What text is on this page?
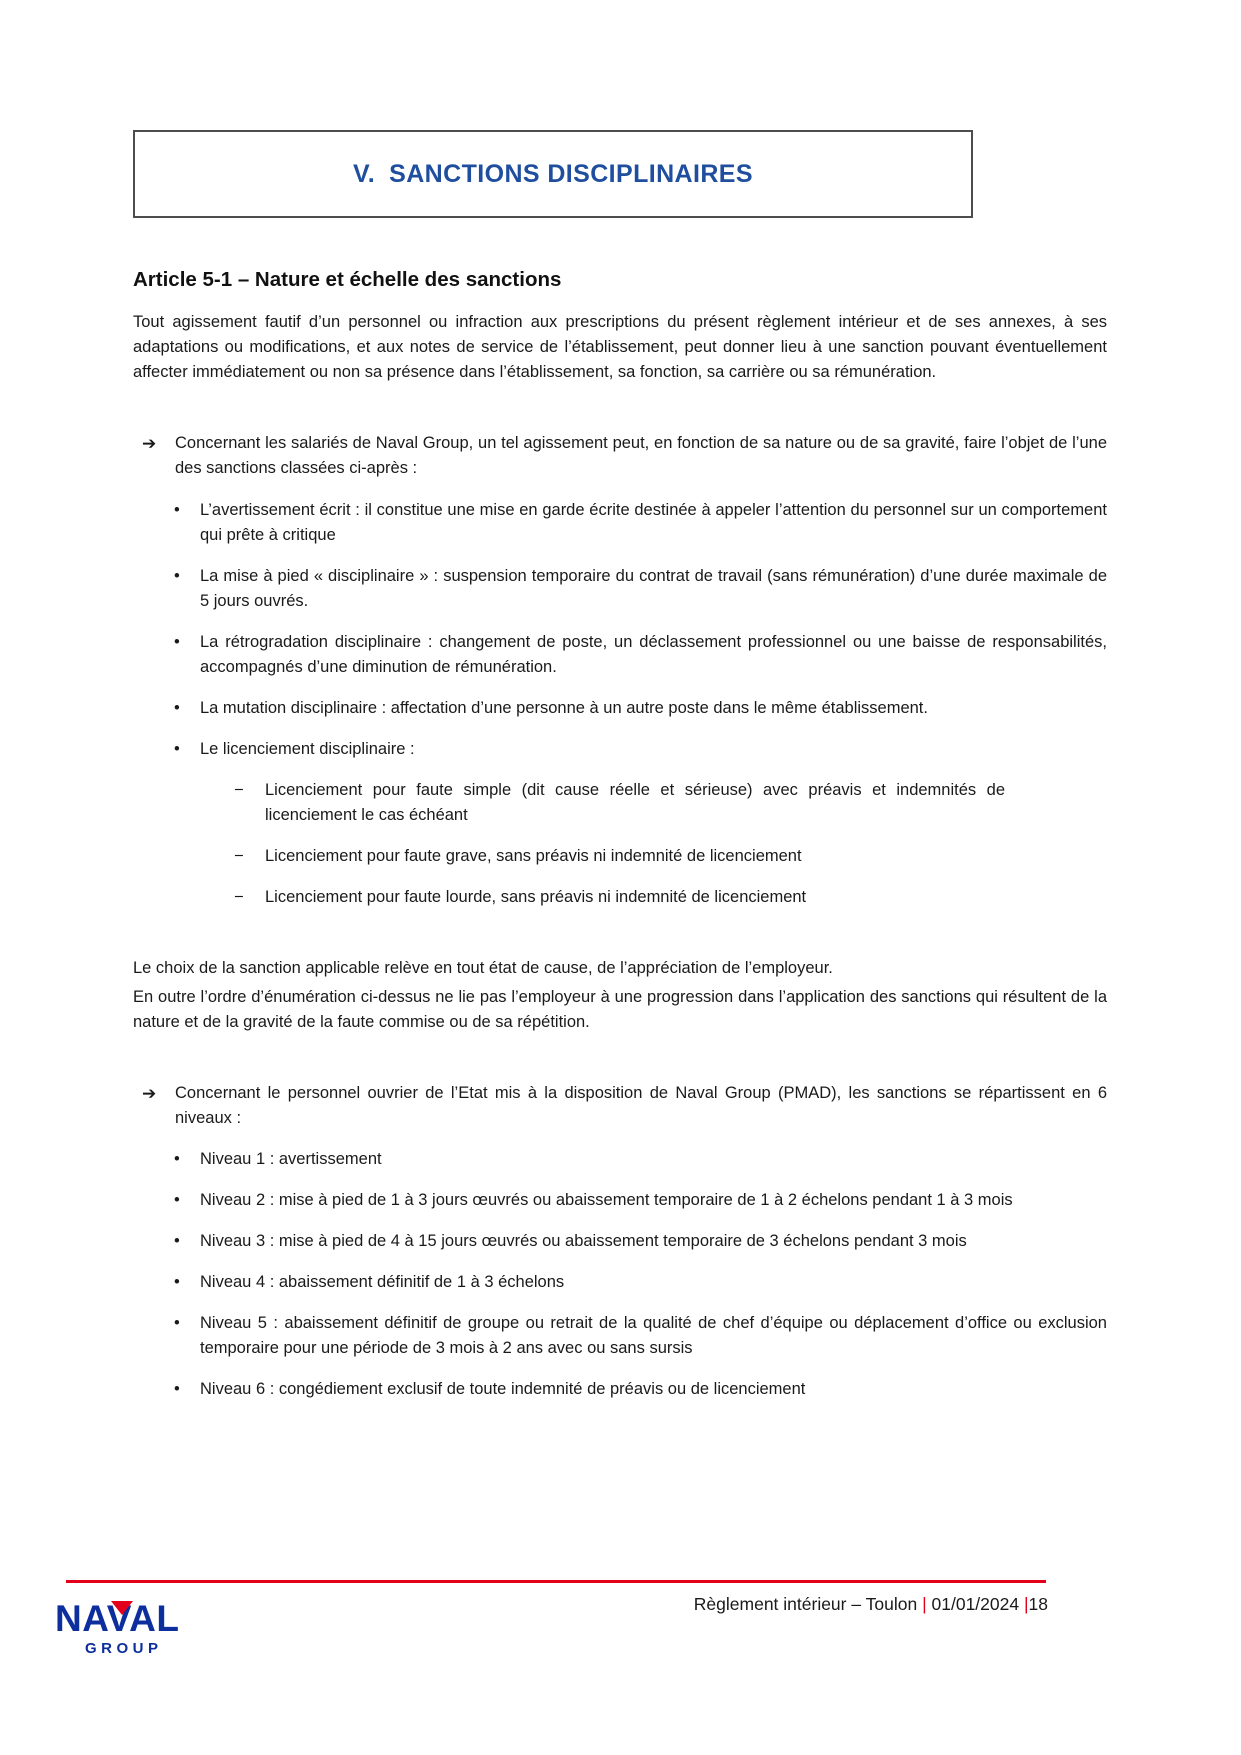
V. SANCTIONS DISCIPLINAIRES
Article 5-1 – Nature et échelle des sanctions
Tout agissement fautif d’un personnel ou infraction aux prescriptions du présent règlement intérieur et de ses annexes, à ses adaptations ou modifications, et aux notes de service de l’établissement, peut donner lieu à une sanction pouvant éventuellement affecter immédiatement ou non sa présence dans l’établissement, sa fonction, sa carrière ou sa rémunération.
➔	Concernant les salariés de Naval Group, un tel agissement peut, en fonction de sa nature ou de sa gravité, faire l’objet de l’une des sanctions classées ci-après :
•	L’avertissement écrit : il constitue une mise en garde écrite destinée à appeler l’attention du personnel sur un comportement qui prête à critique
•	La mise à pied « disciplinaire » : suspension temporaire du contrat de travail (sans rémunération) d’une durée maximale de 5 jours ouvrés.
•	La rétrogradation disciplinaire : changement de poste, un déclassement professionnel ou une baisse de responsabilités, accompagnés d’une diminution de rémunération.
•	La mutation disciplinaire : affectation d’une personne à un autre poste dans le même établissement.
•	Le licenciement disciplinaire :
−	Licenciement pour faute simple (dit cause réelle et sérieuse) avec préavis et indemnités de licenciement le cas échéant
−	Licenciement pour faute grave, sans préavis ni indemnité de licenciement
−	Licenciement pour faute lourde, sans préavis ni indemnité de licenciement
Le choix de la sanction applicable relève en tout état de cause, de l’appréciation de l’employeur.
En outre l’ordre d’énumération ci-dessus ne lie pas l’employeur à une progression dans l’application des sanctions qui résultent de la nature et de la gravité de la faute commise ou de sa répétition.
➔	Concernant le personnel ouvrier de l’Etat mis à la disposition de Naval Group (PMAD), les sanctions se répartissent en 6 niveaux :
•	Niveau 1 : avertissement
•	Niveau 2 : mise à pied de 1 à 3 jours œuvrés ou abaissement temporaire de 1 à 2 échelons pendant 1 à 3 mois
•	Niveau 3 : mise à pied de 4 à 15 jours œuvrés ou abaissement temporaire de 3 échelons pendant 3 mois
•	Niveau 4 : abaissement définitif de 1 à 3 échelons
•	Niveau 5 : abaissement définitif de groupe ou retrait de la qualité de chef d’équipe ou déplacement d’office ou exclusion temporaire pour une période de 3 mois à 2 ans avec ou sans sursis
•	Niveau 6 : congédiement exclusif de toute indemnité de préavis ou de licenciement
Règlement intérieur – Toulon | 01/01/2024 |18
NAVAL
GROUP
